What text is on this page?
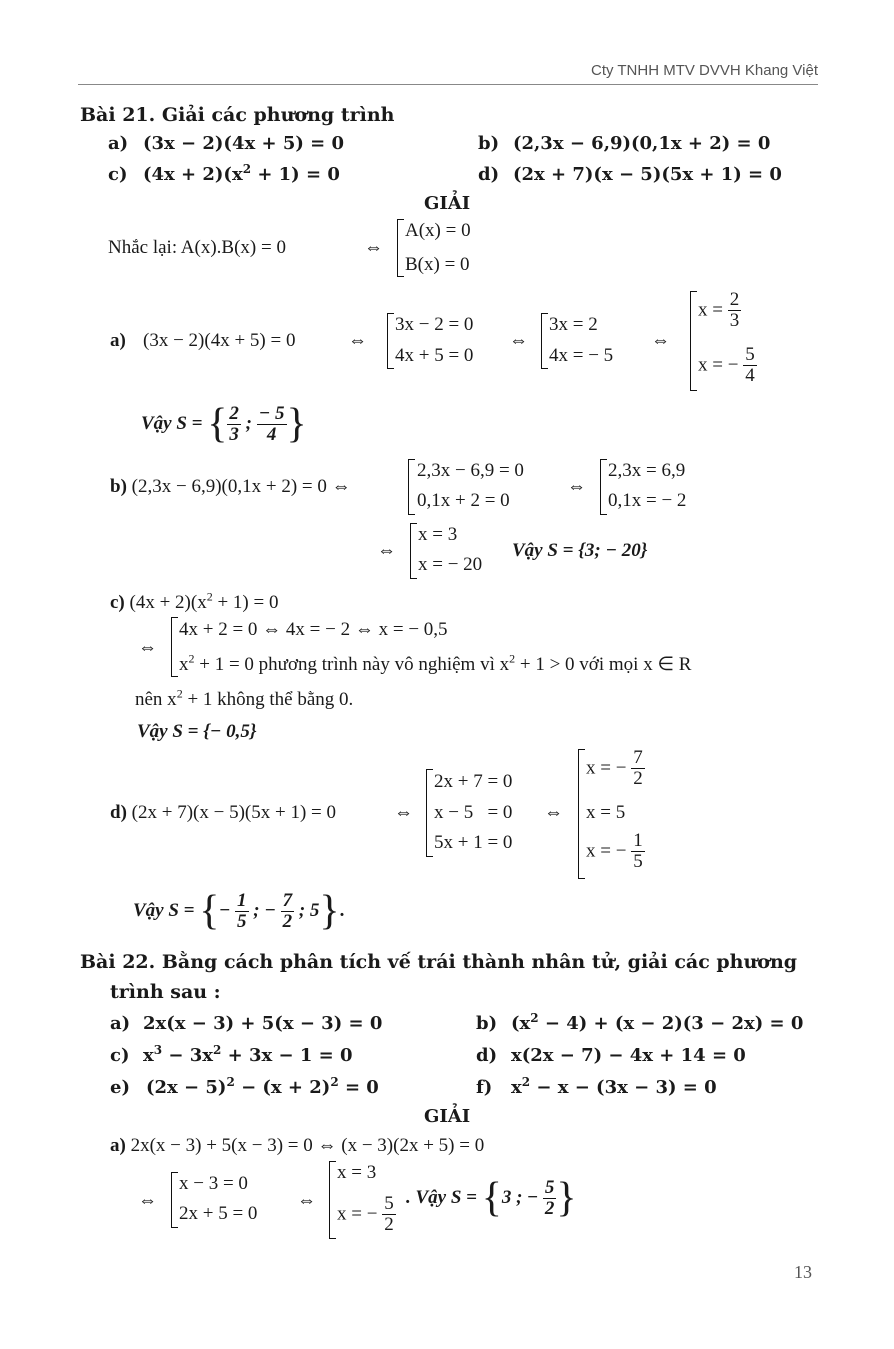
Cty TNHH MTV DVVH Khang Việt
Bài 21. Giải các phương trình
a) (3x − 2)(4x + 5) = 0	b) (2,3x − 6,9)(0,1x + 2) = 0
c) $(4x + 2)(x^2 + 1) = 0$	d) (2x + 7)(x − 5)(5x + 1) = 0
GIẢI
Nhắc lại: A(x).B(x) = 0	⇔
A(x) = 0
B(x) = 0
a) (3x − 2)(4x + 5) = 0	⇔
3x − 2 = 0
4x + 5 = 0
⇔
3x = 2
4x = − 5
⇔
$x = \frac{2}{3}$
x = − $\frac{5}{4}$
Vậy S = { $\frac{2}{3}$ ; $\frac{- 5}{4}$ }
b) (2,3x − 6,9)(0,1x + 2) = 0 ⇔
2,3x − 6,9 = 0
0,1x + 2 = 0
⇔
2,3x = 6,9
0,1x = − 2
⇔
x = 3
x = − 20
Vậy S = {3; − 20}
c) $(4x + 2)(x^2 + 1) = 0$
⇔
4x + 2 = 0 ⇔ 4x = − 2 ⇔ x = − 0,5
$x^2 + 1 = 0$ phương trình này vô nghiệm vì $x^2 + 1 > 0$ với mọi x ∈ R
nên $x^2 + 1$ không thể bằng 0.
Vậy S = {− 0,5}
d) (2x + 7)(x − 5)(5x + 1) = 0	⇔
2x + 7 = 0
x − 5   = 0
5x + 1 = 0
⇔
x = − $\frac{7}{2}$
x = 5
x = − $\frac{1}{5}$
Vậy S = {− $\frac{1}{5}$ ; − $\frac{7}{2}$ ; 5}.
Bài 22. Bằng cách phân tích vế trái thành nhân tử, giải các phương
trình sau :
a) 2x(x − 3) + 5(x − 3) = 0	b) $(x^2 - 4) + (x - 2)(3 - 2x) = 0$
c) $x^3 - 3x^2 + 3x - 1 = 0$	d) x(2x − 7) − 4x + 14 = 0
e) $(2x - 5)^2 - (x + 2)^2 = 0$	f) $x^2 - x - (3x - 3) = 0$
GIẢI
a) 2x(x − 3) + 5(x − 3) = 0 ⇔ (x − 3)(2x + 5) = 0
⇔
x − 3 = 0
2x + 5 = 0
⇔
x = 3
x = − $\frac{5}{2}$ . Vậy S = {3 ; − $\frac{5}{2}$ }
13
